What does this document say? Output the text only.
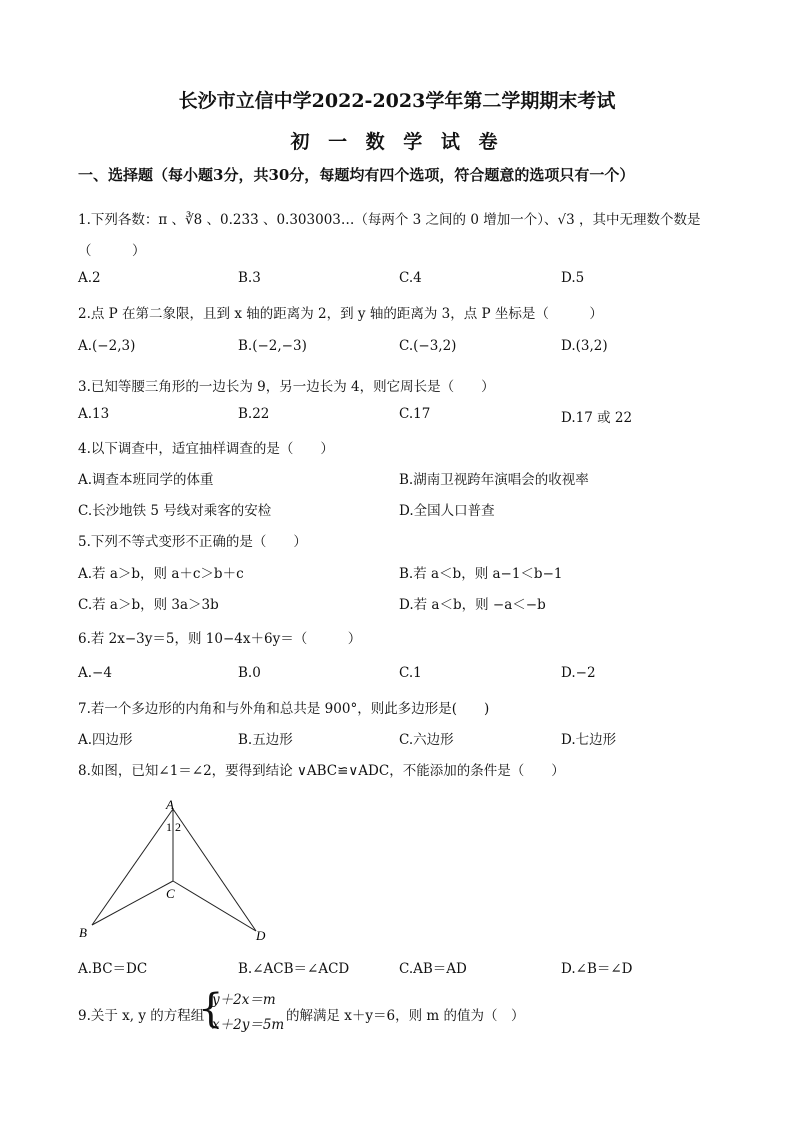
长沙市立信中学2022-2023学年第二学期期末考试
初 一 数 学 试 卷
一、选择题（每小题3分，共30分，每题均有四个选项，符合题意的选项只有一个）
1.下列各数：π 、∛8 、0.23̇3̇ 、0.303003…（每两个 3 之间的 0 增加一个）、√3 ，其中无理数个数是
（　　　）
A.2	B.3	C.4	D.5
2.点 P 在第二象限，且到 x 轴的距离为 2，到 y 轴的距离为 3，点 P 坐标是（　　　）
A.(−2,3)	B.(−2,−3)	C.(−3,2)	D.(3,2)
3.已知等腰三角形的一边长为 9，另一边长为 4，则它周长是（　　）
A.13	B.22	C.17	D.17 或 22
4.以下调查中，适宜抽样调查的是（　　）
A.调查本班同学的体重	B.湖南卫视跨年演唱会的收视率
C.长沙地铁 5 号线对乘客的安检	D.全国人口普查
5.下列不等式变形不正确的是（　　）
A.若 a＞b，则 a＋c＞b＋c	B.若 a＜b，则 a−1＜b−1
C.若 a＞b，则 3a＞3b	D.若 a＜b，则 −a＜−b
6.若 2x−3y＝5，则 10−4x＋6y＝（　　　）
A.−4	B.0	C.1	D.−2
7.若一个多边形的内角和与外角和总共是 900°，则此多边形是(　　)
A.四边形	B.五边形	C.六边形	D.七边形
8.如图，已知∠1＝∠2，要得到结论 ∨ABC≌∨ADC，不能添加的条件是（　　）
A
1 2
C
B	D
A.BC＝DC	B.∠ACB＝∠ACD	C.AB＝AD	D.∠B＝∠D
9.关于 x, y 的方程组
{
y＋2x＝m
x＋2y＝5m
的解满足 x＋y＝6，则 m 的值为（　）
